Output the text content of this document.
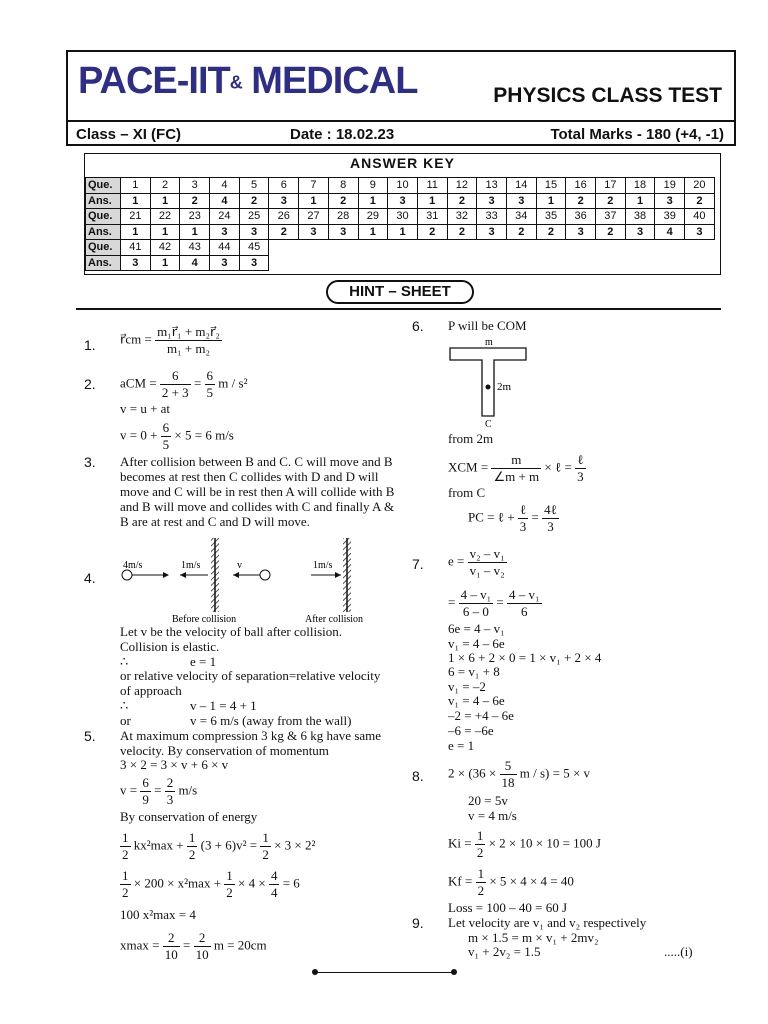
PACE-IIT& MEDICAL	PHYSICS CLASS TEST
Class – XI (FC)	Date : 18.02.23	Total Marks - 180 (+4, -1)
ANSWER KEY
Que.	1	2	3	4	5	6	7	8	9	10	11	12	13	14	15	16	17	18	19	20
Ans.	1	1	2	4	2	3	1	2	1	3	1	2	3	3	1	2	2	1	3	2
Que.	21	22	23	24	25	26	27	28	29	30	31	32	33	34	35	36	37	38	39	40
Ans.	1	1	1	3	3	2	3	3	1	1	2	2	3	2	2	3	2	3	4	3
Que.	41	42	43	44	45															
Ans.	3	1	4	3	3															
HINT – SHEET
1. r⃗cm = $\frac{\text{m₁r⃗₁ + m₂r⃗₂}}{\text{m₁ + m₂}}$
2. aCM = $\frac{6}{2 + 3} = \frac{6}{5}$ m / s²
v = u + at
$v = 0 + \frac{6}{5} \times 5 = 6$ m/s
3. After collision between B and C. C will move and B becomes at rest then C collides with D and D will move and C will be in rest then A will collide with B and B will move and collides with C and finally A & B are at rest and C and D will move.
4.
4m/s	1m/s	v	1m/s
Before collision	After collision
Let v be the velocity of ball after collision.
Collision is elastic.
∴	e = 1
or relative velocity of separation=relative velocity
of approach
∴	v – 1 = 4 + 1
or	v = 6 m/s (away from the wall)
5. At maximum compression 3 kg & 6 kg have same
velocity. By conservation of momentum
3 × 2 = 3 × v + 6 × v
$v = \frac{6}{9} = \frac{2}{3} m/s$
By conservation of energy
$\frac{1}{2} kx^2\max + \frac{1}{2} (3 + 6)v^2 = \frac{1}{2} \times 3 \times 2^2$
$\frac{1}{2} \times 200 \times x^2\max + \frac{1}{2} \times 4 \times \frac{4}{4} = 6$
100 x²max = 4
$xmax = \frac{2}{10} = \frac{2}{10}$ m = 20cm
6. P will be COM
m
2m
C
from 2m
XCM = $\frac{m}{\angle m + m}$ × ℓ = $\frac{\text{ℓ}}{3}$
from C
PC = ℓ + $\frac{\text{ℓ}}{3} = \frac{\text{4ℓ}}{3}$
7. $e = \frac{\text{v₂ – v₁}}{\text{v₁ – v₂}}$
= $\frac{\text{4 – v₁}}{6 - 0} = \frac{\text{4 – v₁}}{6}$
6e = 4 – v₁
v₁ = 4 – 6e
1 × 6 + 2 × 0 = 1 × v₁ + 2 × 4
6 = v₁ + 8
v₁ = –2
v₁ = 4 – 6e
–2 = +4 – 6e
–6 = –6e
e = 1
8. $2 \times (36 \times \frac{5}{18}$ m / s) = 5 × v
20 = 5v
v = 4 m/s
$Ki = \frac{1}{2} \times 2 \times 10 \times 10 = 100$ J
$Kf = \frac{1}{2} \times 5 \times 4 \times 4 = 40$
Loss = 100 – 40 = 60 J
9. Let velocity are v₁ and v₂ respectively
m × 1.5 = m × v₁ + 2mv₂
v₁ + 2v₂ = 1.5	.....(i)
